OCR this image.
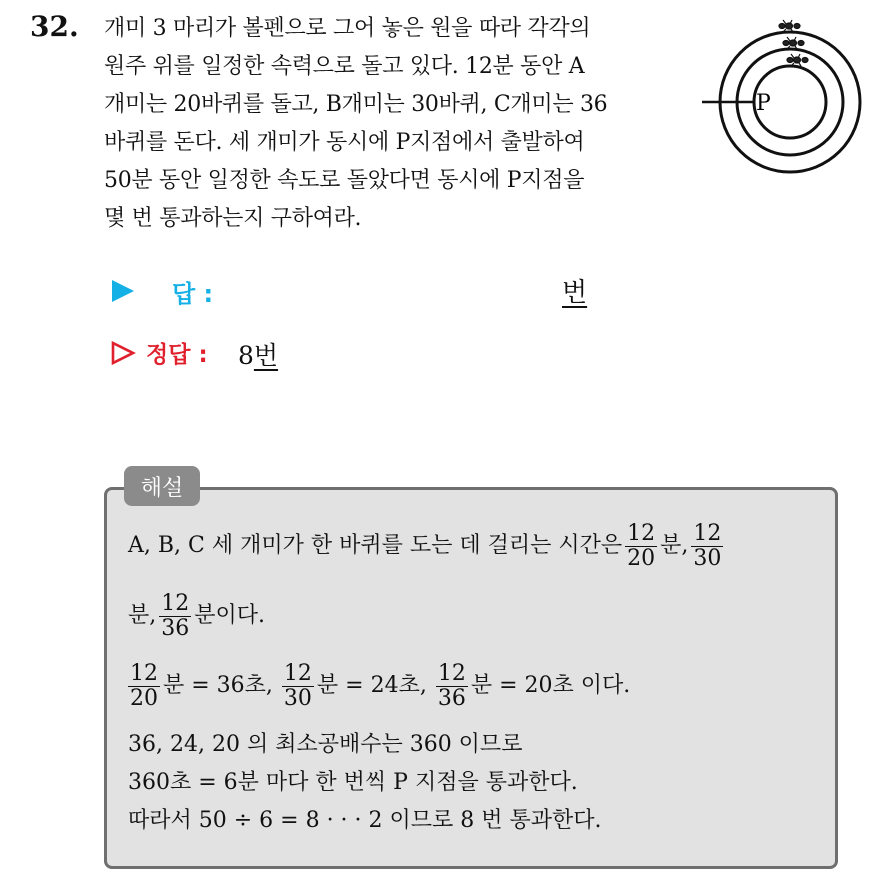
32. 개미 3 마리가 볼펜으로 그어 놓은 원을 따라 각각의
원주 위를 일정한 속력으로 돌고 있다. 12분 동안 A
개미는 20바퀴를 돌고, B개미는 30바퀴, C개미는 36
바퀴를 돈다. 세 개미가 동시에 P지점에서 출발하여
50분 동안 일정한 속도로 돌았다면 동시에 P지점을
몇 번 통과하는지 구하여라.
P
답 :	번
정답 : 8번
해설
A, B, C 세 개미가 한 바퀴를 도는 데 걸리는 시간은 $\frac{12}{20}$ 분, $\frac{12}{30}$
분, $\frac{12}{36}$ 분이다.
$\frac{12}{20}$ 분 = 36초, $\frac{12}{30}$ 분 = 24초, $\frac{12}{36}$ 분 = 20초 이다.
36, 24, 20 의 최소공배수는 360 이므로
360초 = 6분 마다 한 번씩 P 지점을 통과한다.
따라서 50 ÷ 6 = 8 · · · 2 이므로 8 번 통과한다.
